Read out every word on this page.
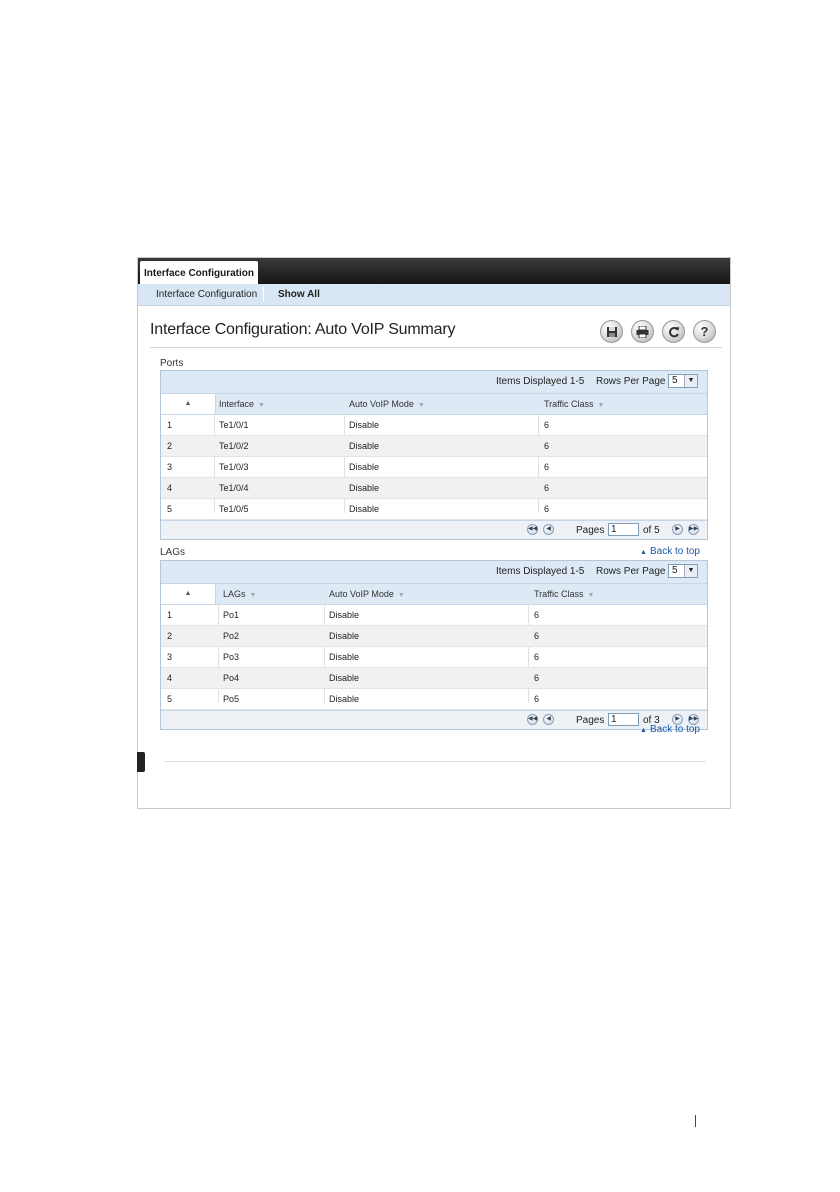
Interface Configuration
Interface Configuration Show All
Interface Configuration: Auto VoIP Summary	?
Ports
Items Displayed 1-5 Rows Per Page 5	▼
▲	Interface ▼	Auto VoIP Mode ▼	Traffic Class ▼
1	Te1/0/1	Disable	6
2	Te1/0/2	Disable	6
3	Te1/0/3	Disable	6
4	Te1/0/4	Disable	6
5	Te1/0/5	Disable	6
◀◀	◀	Pages 1	of 5	▶	▶▶
LAGs	▲ Back to top
Items Displayed 1-5 Rows Per Page 5	▼
▲	LAGs ▼	Auto VoIP Mode ▼	Traffic Class ▼
1	Po1	Disable	6
2	Po2	Disable	6
3	Po3	Disable	6
4	Po4	Disable	6
5	Po5	Disable	6
◀◀	◀	Pages 1	of 3	▶	▶▶
▲ Back to top
